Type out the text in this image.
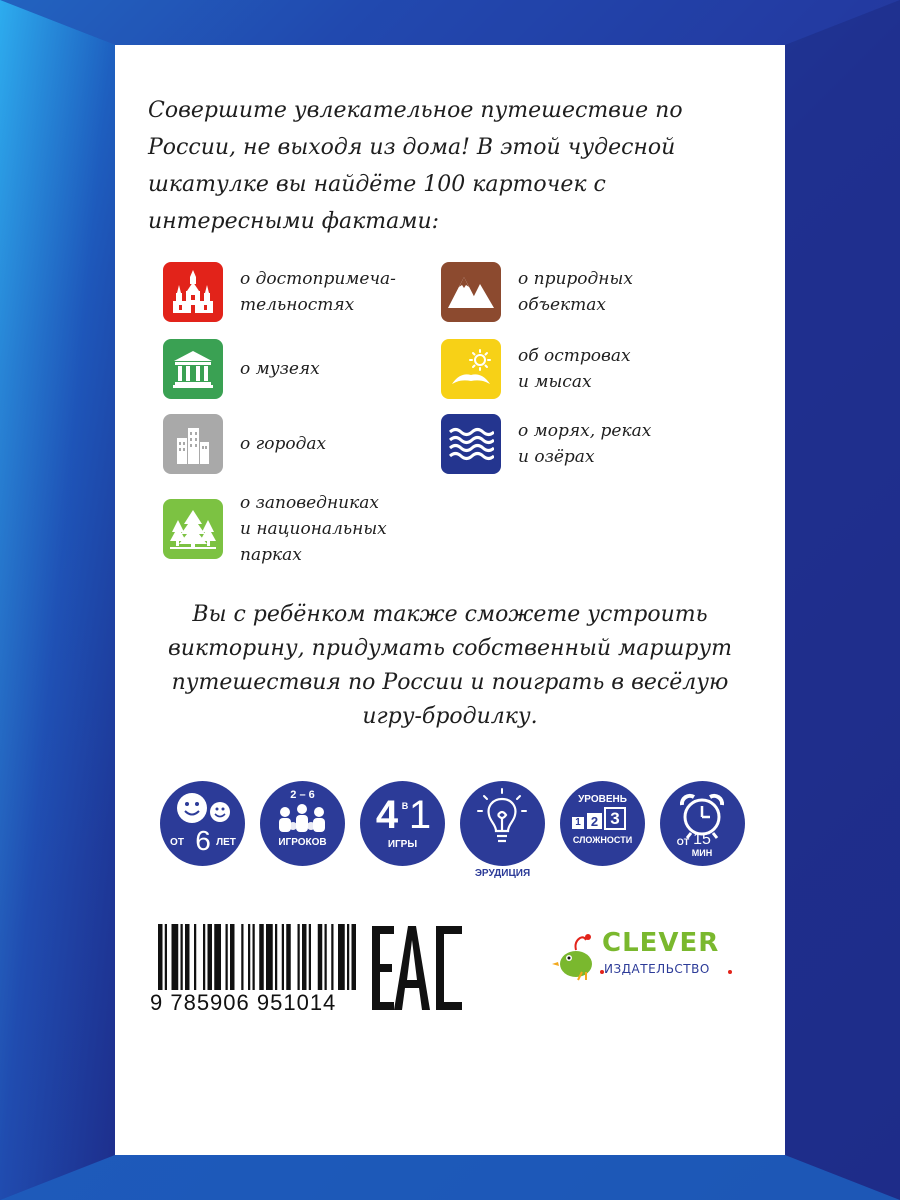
Совершите увлекательное путешествие по России, не выходя из дома! В этой чудесной шкатулке вы найдёте 100 карточек с интересными фактами:

о достопримеча-
тельностях
о музеях
о городах
о заповедниках
и национальных
парках
о природных
объектах
об островах
и мысах
о морях, реках
и озёрах

Вы с ребёнком также сможете устроить викторину, придумать собственный маршрут путешествия по России и поиграть в весёлую игру-бродилку.

ОТ 6 ЛЕТ
2 – 6
ИГРОКОВ
4 В 1
ИГРЫ
ЭРУДИЦИЯ
УРОВЕНЬ
1 2 3
СЛОЖНОСТИ	ОТ 15
МИН
9 785906 951014
CLEVER
ИЗДАТЕЛЬСТВО
